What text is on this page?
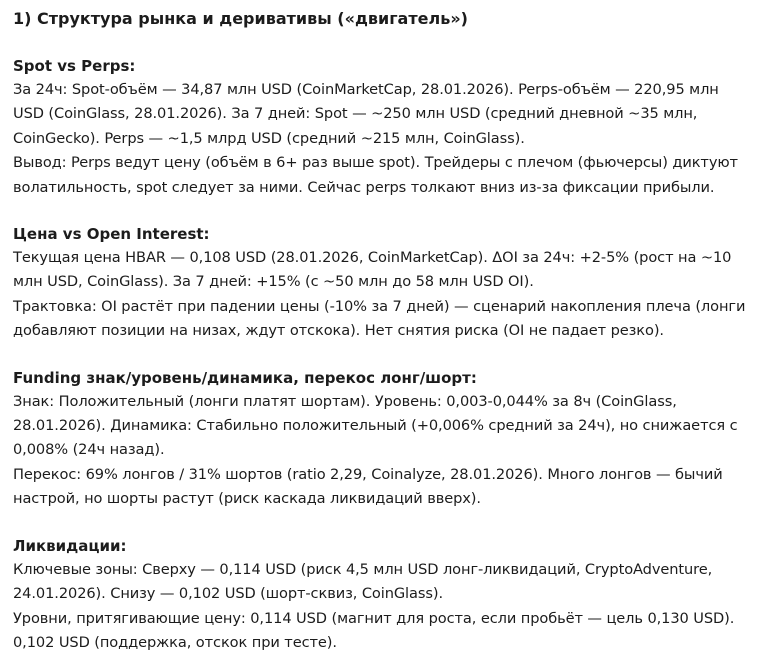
1) Структура рынка и деривативы («двигатель»)
Spot vs Perps:

За 24ч: Spot-объём — 34,87 млн USD (CoinMarketCap, 28.01.2026). Perps-объём — 220,95 млн USD (CoinGlass, 28.01.2026). За 7 дней: Spot — ~250 млн USD (средний дневной ~35 млн, CoinGecko). Perps — ~1,5 млрд USD (средний ~215 млн, CoinGlass).

Вывод: Perps ведут цену (объём в 6+ раз выше spot). Трейдеры с плечом (фьючерсы) диктуют волатильность, spot следует за ними. Сейчас perps толкают вниз из-за фиксации прибыли.

Цена vs Open Interest:

Текущая цена HBAR — 0,108 USD (28.01.2026, CoinMarketCap). ΔOI за 24ч: +2-5% (рост на ~10 млн USD, CoinGlass). За 7 дней: +15% (с ~50 млн до 58 млн USD OI).

Трактовка: OI растёт при падении цены (-10% за 7 дней) — сценарий накопления плеча (лонги добавляют позиции на низах, ждут отскока). Нет снятия риска (OI не падает резко).

Funding знак/уровень/динамика, перекос лонг/шорт:

Знак: Положительный (лонги платят шортам). Уровень: 0,003-0,044% за 8ч (CoinGlass, 28.01.2026). Динамика: Стабильно положительный (+0,006% средний за 24ч), но снижается с 0,008% (24ч назад).

Перекос: 69% лонгов / 31% шортов (ratio 2,29, Coinalyze, 28.01.2026). Много лонгов — бычий настрой, но шорты растут (риск каскада ликвидаций вверх).

Ликвидации:

Ключевые зоны: Сверху — 0,114 USD (риск 4,5 млн USD лонг-ликвидаций, CryptoAdventure, 24.01.2026). Снизу — 0,102 USD (шорт-сквиз, CoinGlass).

Уровни, притягивающие цену: 0,114 USD (магнит для роста, если пробьёт — цель 0,130 USD). 0,102 USD (поддержка, отскок при тесте).
